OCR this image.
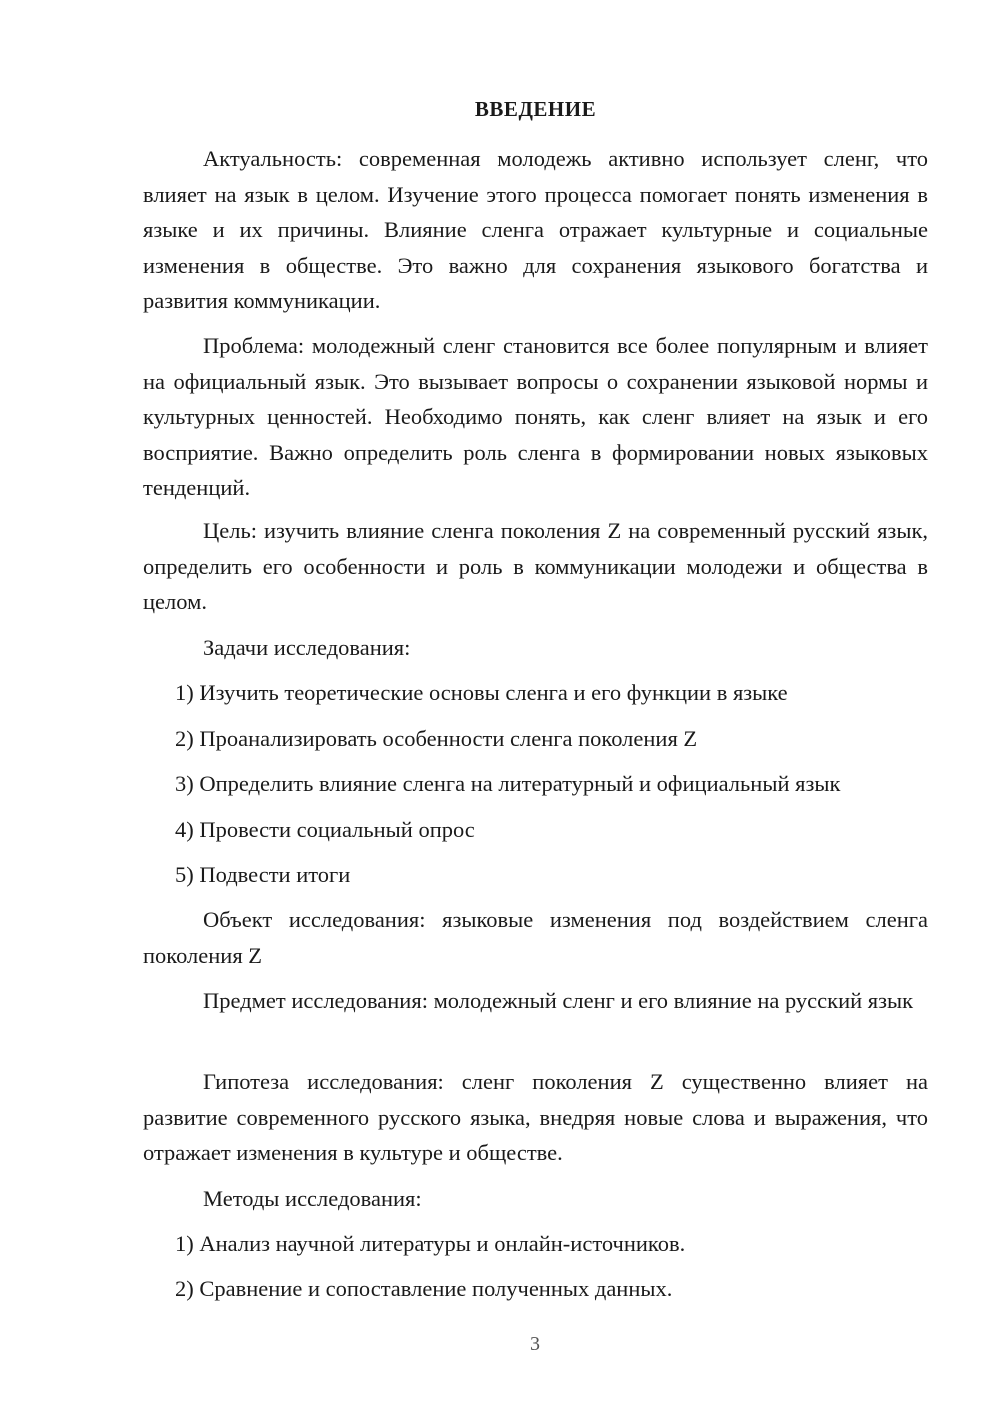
ВВЕДЕНИЕ

Актуальность: современная молодежь активно использует сленг, что влияет на язык в целом. Изучение этого процесса помогает понять изменения в языке и их причины. Влияние сленга отражает культурные и социальные изменения в обществе. Это важно для сохранения языкового богатства и развития коммуникации.

Проблема: молодежный сленг становится все более популярным и влияет на официальный язык. Это вызывает вопросы о сохранении языковой нормы и культурных ценностей. Необходимо понять, как сленг влияет на язык и его восприятие. Важно определить роль сленга в формировании новых языковых тенденций.

Цель: изучить влияние сленга поколения Z на современный русский язык, определить его особенности и роль в коммуникации молодежи и общества в целом.

Задачи исследования:

1) Изучить теоретические основы сленга и его функции в языке

2) Проанализировать особенности сленга поколения Z

3) Определить влияние сленга на литературный и официальный язык

4) Провести социальный опрос

5) Подвести итоги

Объект исследования: языковые изменения под воздействием сленга поколения Z

Предмет исследования: молодежный сленг и его влияние на русский язык

Гипотеза исследования: сленг поколения Z существенно влияет на развитие современного русского языка, внедряя новые слова и выражения, что отражает изменения в культуре и обществе.

Методы исследования:

1) Анализ научной литературы и онлайн-источников.

2) Сравнение и сопоставление полученных данных.

3
